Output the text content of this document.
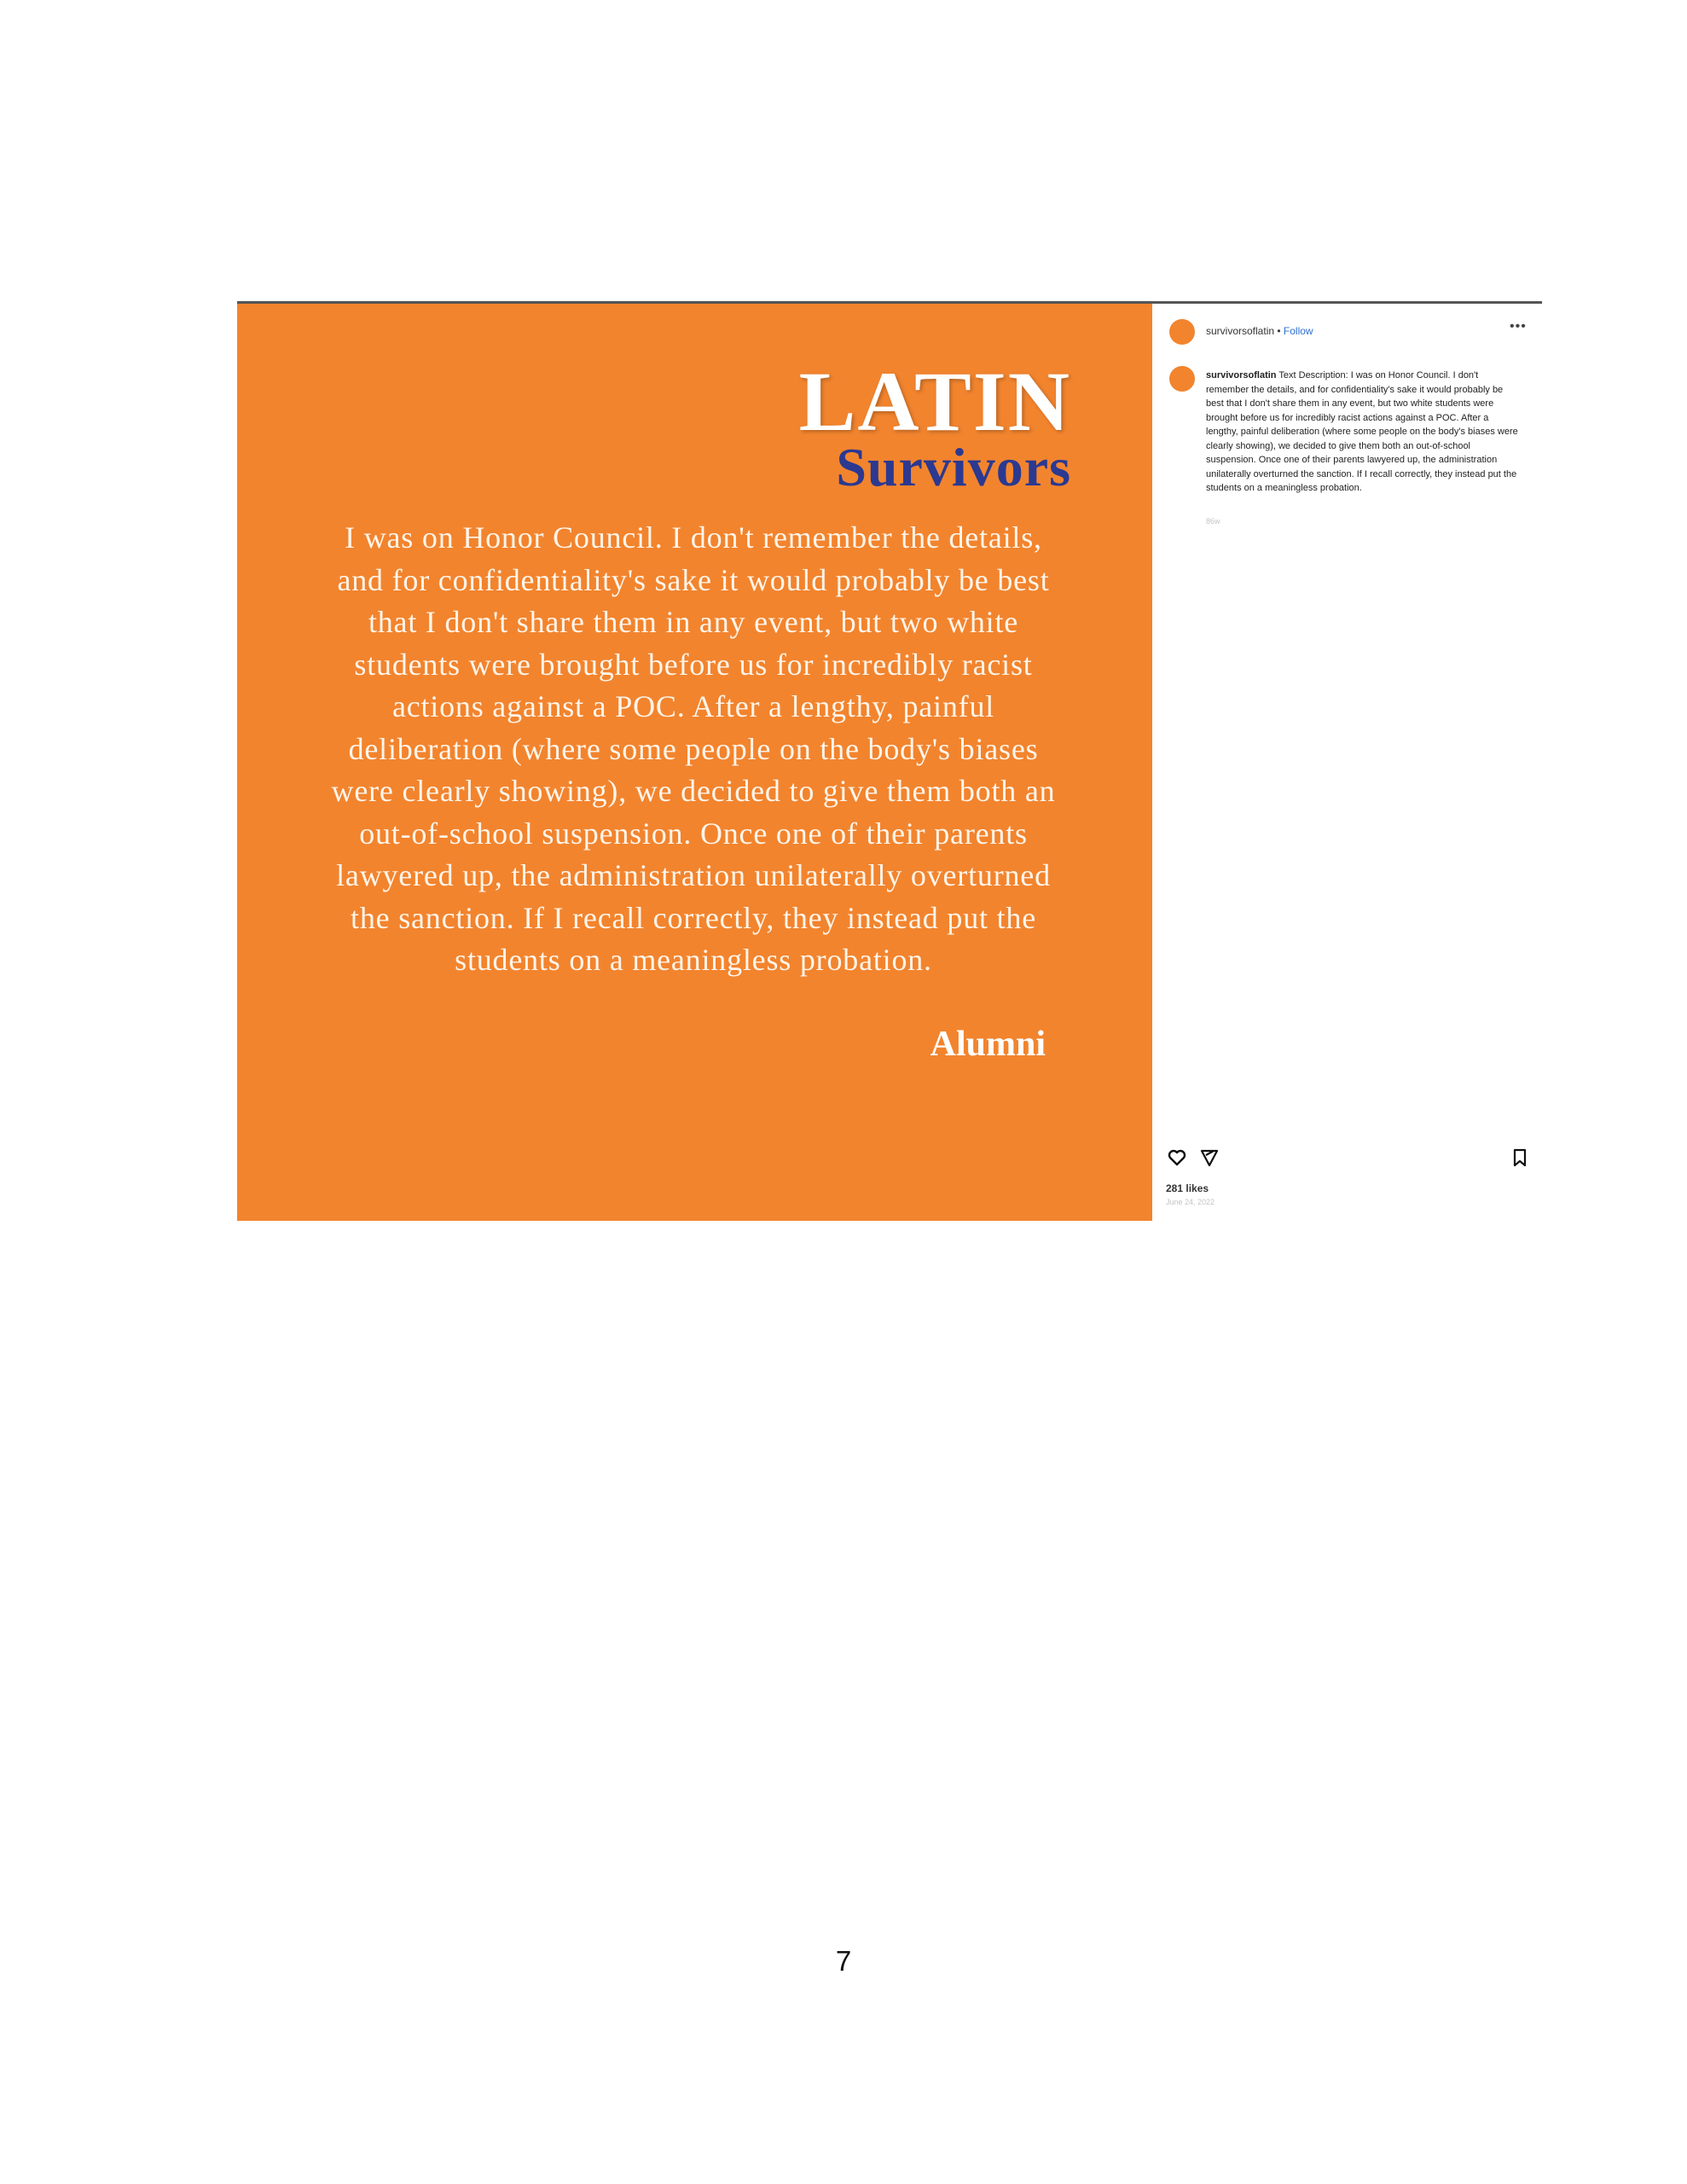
LATIN
Survivors

I was on Honor Council. I don't remember the details, and for confidentiality's sake it would probably be best that I don't share them in any event, but two white students were brought before us for incredibly racist actions against a POC. After a lengthy, painful deliberation (where some people on the body's biases were clearly showing), we decided to give them both an out-of-school suspension. Once one of their parents lawyered up, the administration unilaterally overturned the sanction. If I recall correctly, they instead put the students on a meaningless probation.

Alumni
survivorsoflatin • Follow	•••

survivorsoflatin Text Description: I was on Honor Council. I don't remember the details, and for confidentiality's sake it would probably be best that I don't share them in any event, but two white students were brought before us for incredibly racist actions against a POC. After a lengthy, painful deliberation (where some people on the body's biases were clearly showing), we decided to give them both an out-of-school suspension. Once one of their parents lawyered up, the administration unilaterally overturned the sanction. If I recall correctly, they instead put the students on a meaningless probation.

86w
281 likes
June 24, 2022
7
